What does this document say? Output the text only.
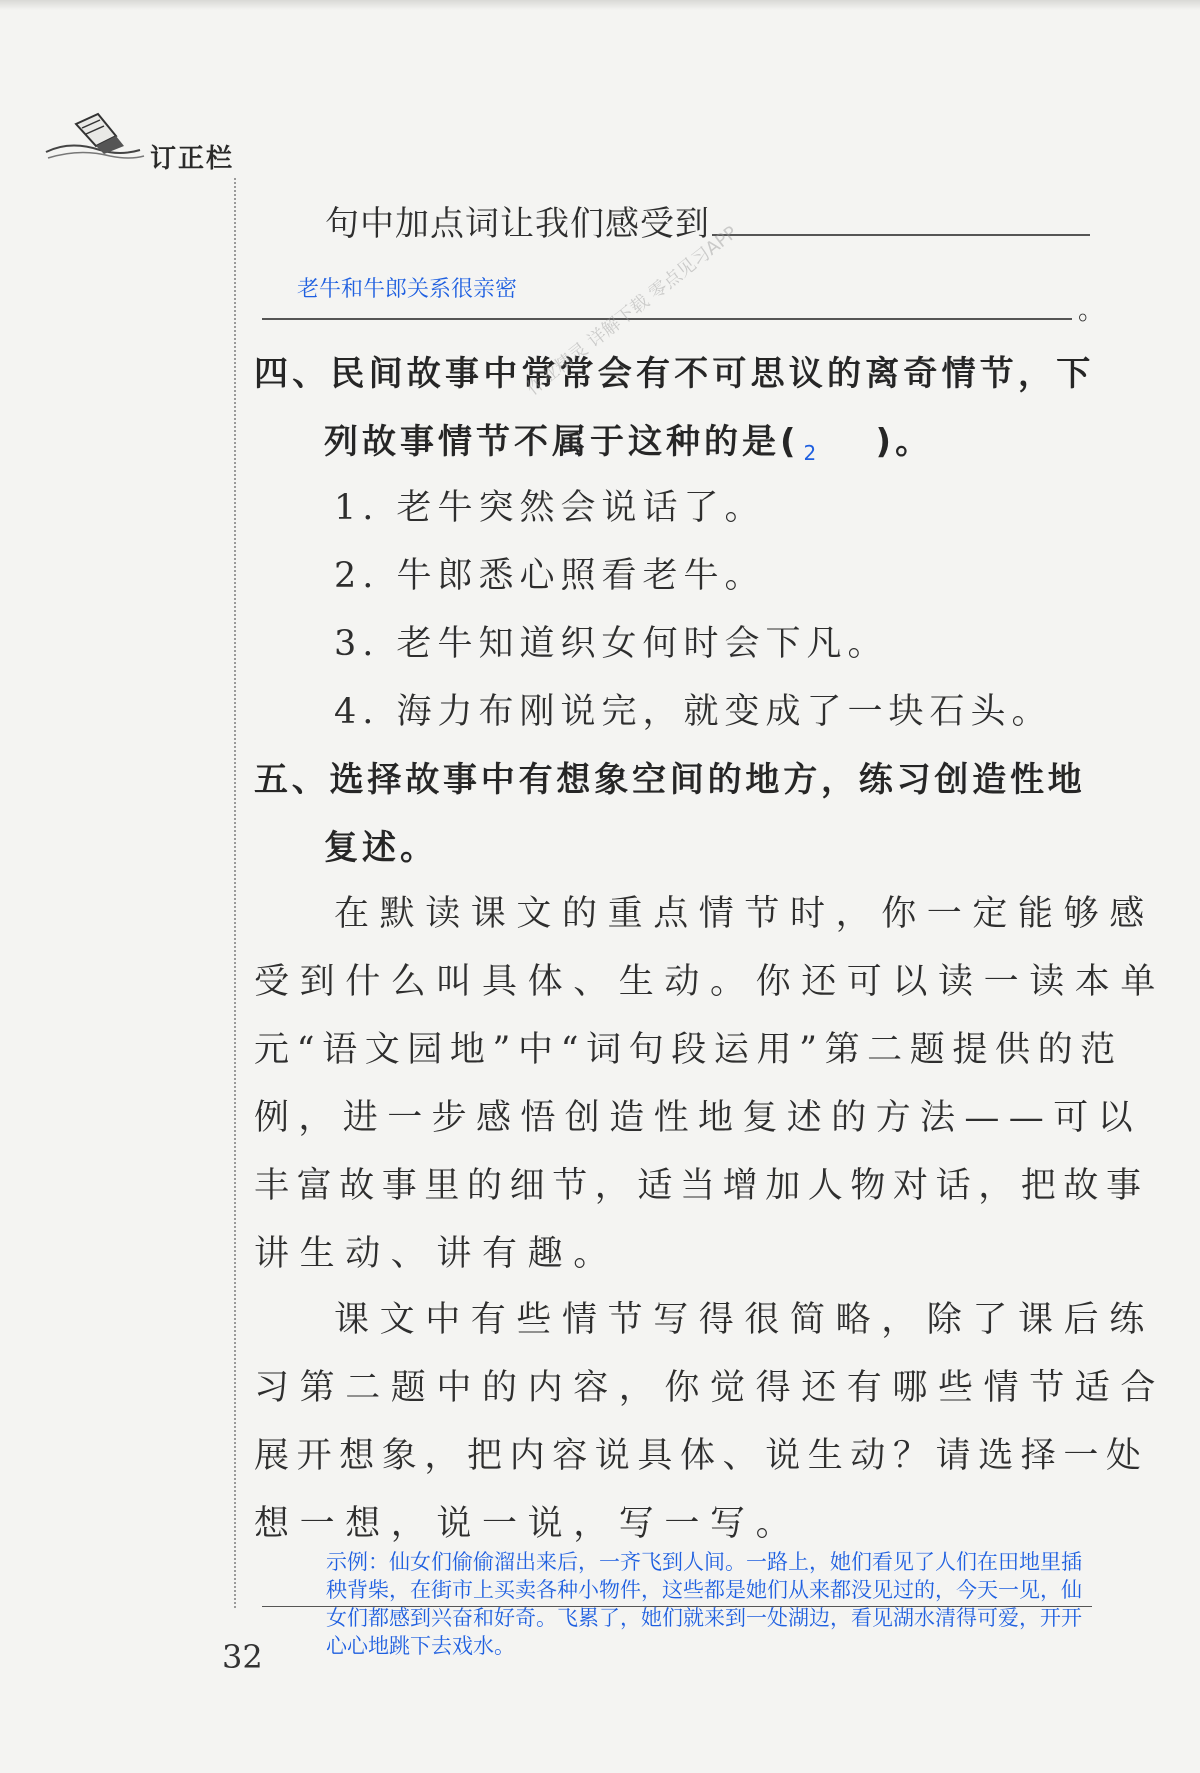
订正栏
句中加点词让我们感受到
老牛和牛郎关系很亲密
。
四、民间故事中常常会有不可思议的离奇情节，下
列故事情节不属于这种的是( 2 )。
1. 老牛突然会说话了。
2. 牛郎悉心照看老牛。
3. 老牛知道织女何时会下凡。
4. 海力布刚说完，就变成了一块石头。
五、选择故事中有想象空间的地方，练习创造性地
复述。
在默读课文的重点情节时，你一定能够感
受到什么叫具体、生动。你还可以读一读本单
元“语文园地”中“词句段运用”第二题提供的范
例，进一步感悟创造性地复述的方法——可以
丰富故事里的细节，适当增加人物对话，把故事
讲生动、讲有趣。
课文中有些情节写得很简略，除了课后练
习第二题中的内容，你觉得还有哪些情节适合
展开想象，把内容说具体、说生动？请选择一处
想一想，说一说，写一写。
示例：仙女们偷偷溜出来后，一齐飞到人间。一路上，她们看见了人们在田地里插秧背柴，在街市上买卖各种小物件，这些都是她们从来都没见过的，今天一见，仙女们都感到兴奋和好奇。飞累了，她们就来到一处湖边，看见湖水清得可爱，开开心心地跳下去戏水。
作业精灵 详解下载 零点见习APP
32
